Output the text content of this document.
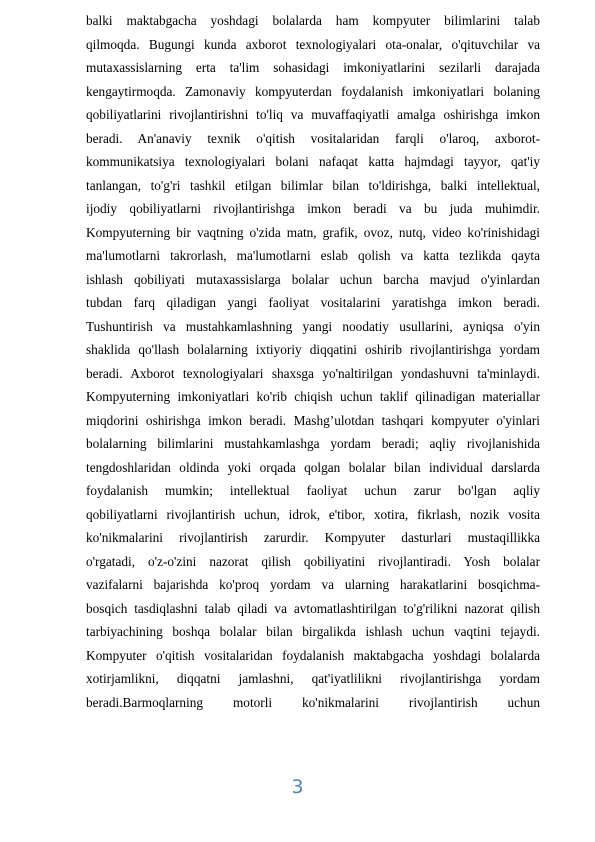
balki maktabgacha yoshdagi bolalarda ham kompyuter bilimlarini talab
qilmoqda. Bugungi kunda axborot texnologiyalari ota-onalar, o'qituvchilar va
mutaxassislarning erta ta'lim sohasidagi imkoniyatlarini sezilarli darajada
kengaytirmoqda. Zamonaviy kompyuterdan foydalanish imkoniyatlari bolaning
qobiliyatlarini rivojlantirishni to'liq va muvaffaqiyatli amalga oshirishga imkon
beradi. An'anaviy texnik o'qitish vositalaridan farqli o'laroq, axborot-
kommunikatsiya texnologiyalari bolani nafaqat katta hajmdagi tayyor, qat'iy
tanlangan, to'g'ri tashkil etilgan bilimlar bilan to'ldirishga, balki intellektual,
ijodiy qobiliyatlarni rivojlantirishga imkon beradi va bu juda muhimdir.
Kompyuterning bir vaqtning o'zida matn, grafik, ovoz, nutq, video ko'rinishidagi
ma'lumotlarni takrorlash, ma'lumotlarni eslab qolish va katta tezlikda qayta
ishlash qobiliyati mutaxassislarga bolalar uchun barcha mavjud o'yinlardan
tubdan farq qiladigan yangi faoliyat vositalarini yaratishga imkon beradi.
Tushuntirish va mustahkamlashning yangi noodatiy usullarini, ayniqsa o'yin
shaklida qo'llash bolalarning ixtiyoriy diqqatini oshirib rivojlantirishga yordam
beradi. Axborot texnologiyalari shaxsga yo'naltirilgan yondashuvni ta'minlaydi.
Kompyuterning imkoniyatlari ko'rib chiqish uchun taklif qilinadigan materiallar
miqdorini oshirishga imkon beradi. Mashg’ulotdan tashqari kompyuter o'yinlari
bolalarning bilimlarini mustahkamlashga yordam beradi; aqliy rivojlanishida
tengdoshlaridan oldinda yoki orqada qolgan bolalar bilan individual darslarda
foydalanish mumkin; intellektual faoliyat uchun zarur bo'lgan aqliy
qobiliyatlarni rivojlantirish uchun, idrok, e'tibor, xotira, fikrlash, nozik vosita
ko'nikmalarini rivojlantirish zarurdir. Kompyuter dasturlari mustaqillikka
o'rgatadi, o'z-o'zini nazorat qilish qobiliyatini rivojlantiradi. Yosh bolalar
vazifalarni bajarishda ko'proq yordam va ularning harakatlarini bosqichma-
bosqich tasdiqlashni talab qiladi va avtomatlashtirilgan to'g'rilikni nazorat qilish
tarbiyachining boshqa bolalar bilan birgalikda ishlash uchun vaqtini tejaydi.
Kompyuter o'qitish vositalaridan foydalanish maktabgacha yoshdagi bolalarda
xotirjamlikni, diqqatni jamlashni, qat'iyatlilikni rivojlantirishga yordam
beradi.Barmoqlarning motorli ko'nikmalarini rivojlantirish uchun
3
